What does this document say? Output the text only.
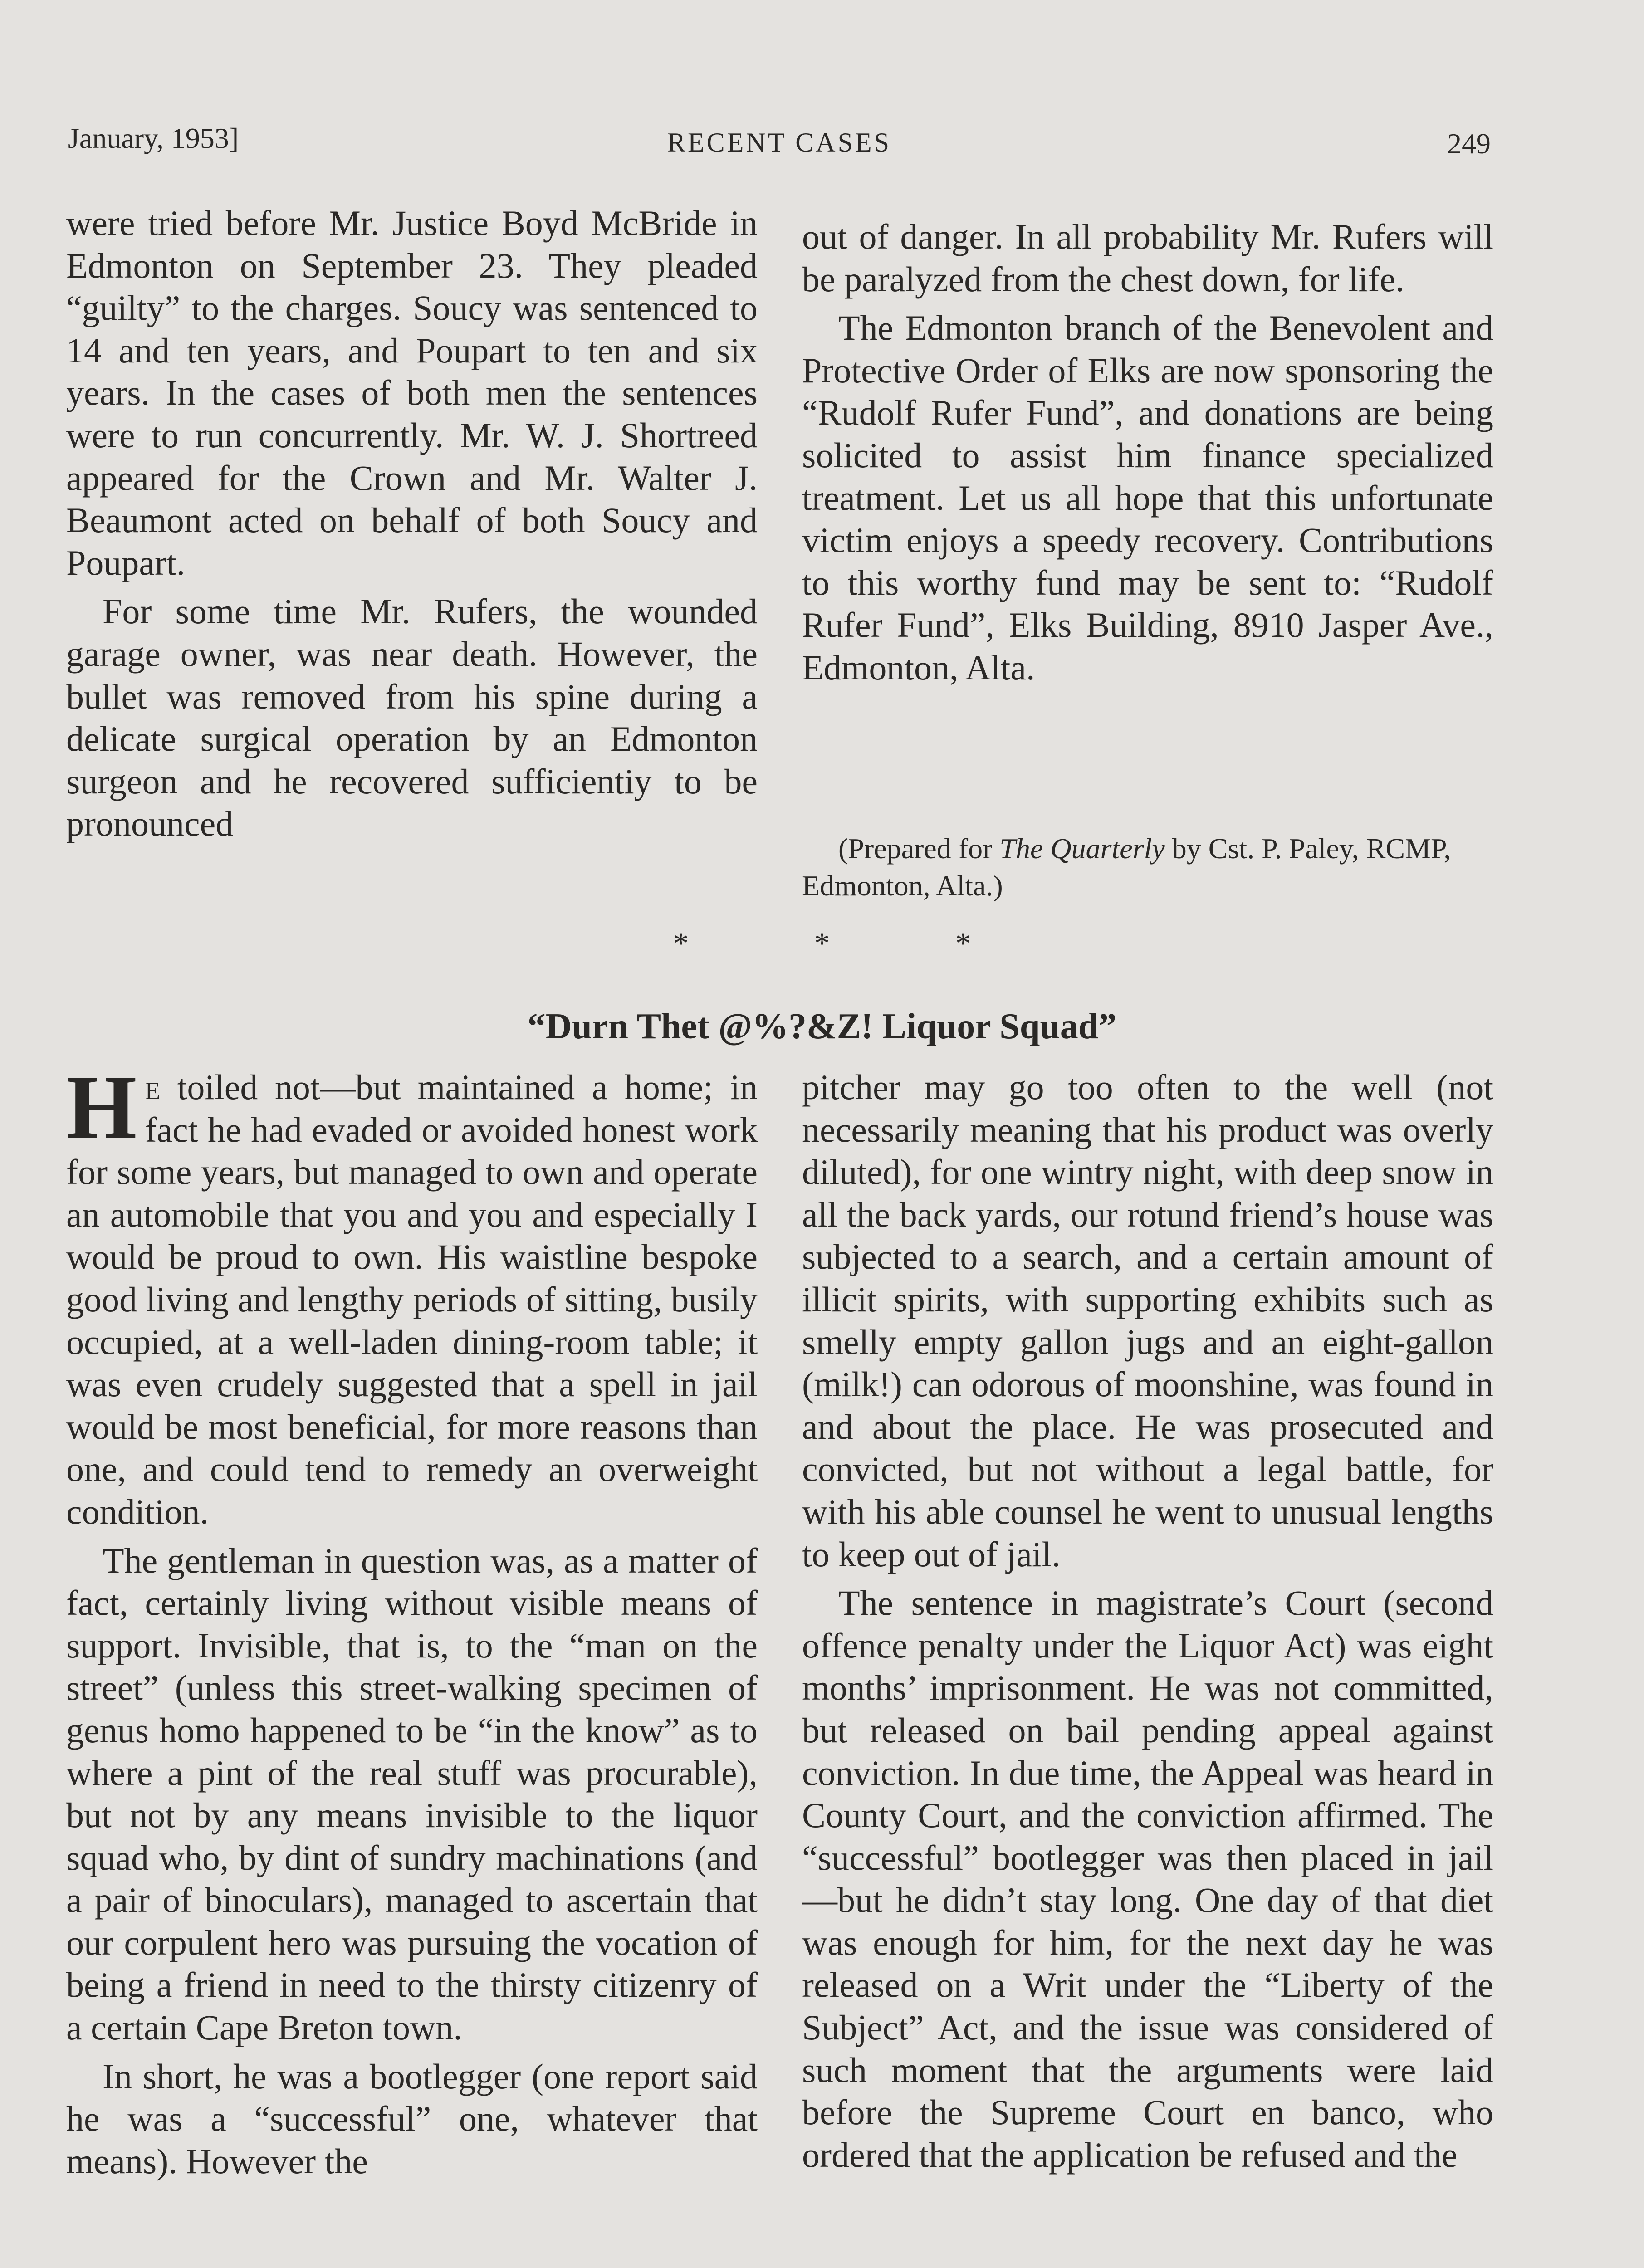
January, 1953]	RECENT CASES	249

were tried before Mr. Justice Boyd McBride in Edmonton on September 23. They pleaded “guilty” to the charges. Soucy was sentenced to 14 and ten years, and Poupart to ten and six years. In the cases of both men the sentences were to run concurrently. Mr. W. J. Shortreed appeared for the Crown and Mr. Walter J. Beaumont acted on behalf of both Soucy and Poupart.

For some time Mr. Rufers, the wounded garage owner, was near death. However, the bullet was removed from his spine during a delicate surgical operation by an Edmonton surgeon and he recovered sufficientiy to be pronounced

out of danger. In all probability Mr. Rufers will be paralyzed from the chest down, for life.

The Edmonton branch of the Benevolent and Protective Order of Elks are now sponsoring the “Rudolf Rufer Fund”, and donations are being solicited to assist him finance specialized treatment. Let us all hope that this unfortunate victim enjoys a speedy recovery. Contributions to this worthy fund may be sent to: “Rudolf Rufer Fund”, Elks Building, 8910 Jasper Ave., Edmonton, Alta.

(Prepared for The Quarterly by Cst. P. Paley, RCMP, Edmonton, Alta.)
* * *
“Durn Thet @%?&Z! Liquor Squad”

He toiled not—but maintained a home; in fact he had evaded or avoided honest work for some years, but managed to own and operate an automobile that you and you and especially I would be proud to own. His waistline bespoke good living and lengthy periods of sitting, busily occupied, at a well-laden dining-room table; it was even crudely suggested that a spell in jail would be most beneficial, for more reasons than one, and could tend to remedy an overweight condition.

The gentleman in question was, as a matter of fact, certainly living without visible means of support. Invisible, that is, to the “man on the street” (unless this street-walking specimen of genus homo happened to be “in the know” as to where a pint of the real stuff was procurable), but not by any means invisible to the liquor squad who, by dint of sundry machinations (and a pair of binoculars), managed to ascertain that our corpulent hero was pursuing the vocation of being a friend in need to the thirsty citizenry of a certain Cape Breton town.

In short, he was a bootlegger (one report said he was a “successful” one, whatever that means). However the

pitcher may go too often to the well (not necessarily meaning that his product was overly diluted), for one wintry night, with deep snow in all the back yards, our rotund friend’s house was subjected to a search, and a certain amount of illicit spirits, with supporting exhibits such as smelly empty gallon jugs and an eight-gallon (milk!) can odorous of moonshine, was found in and about the place. He was prosecuted and convicted, but not without a legal battle, for with his able counsel he went to unusual lengths to keep out of jail.

The sentence in magistrate’s Court (second offence penalty under the Liquor Act) was eight months’ imprisonment. He was not committed, but released on bail pending appeal against conviction. In due time, the Appeal was heard in County Court, and the conviction affirmed. The “successful” bootlegger was then placed in jail—but he didn’t stay long. One day of that diet was enough for him, for the next day he was released on a Writ under the “Liberty of the Subject” Act, and the issue was considered of such moment that the arguments were laid before the Supreme Court en banco, who ordered that the application be refused and the
